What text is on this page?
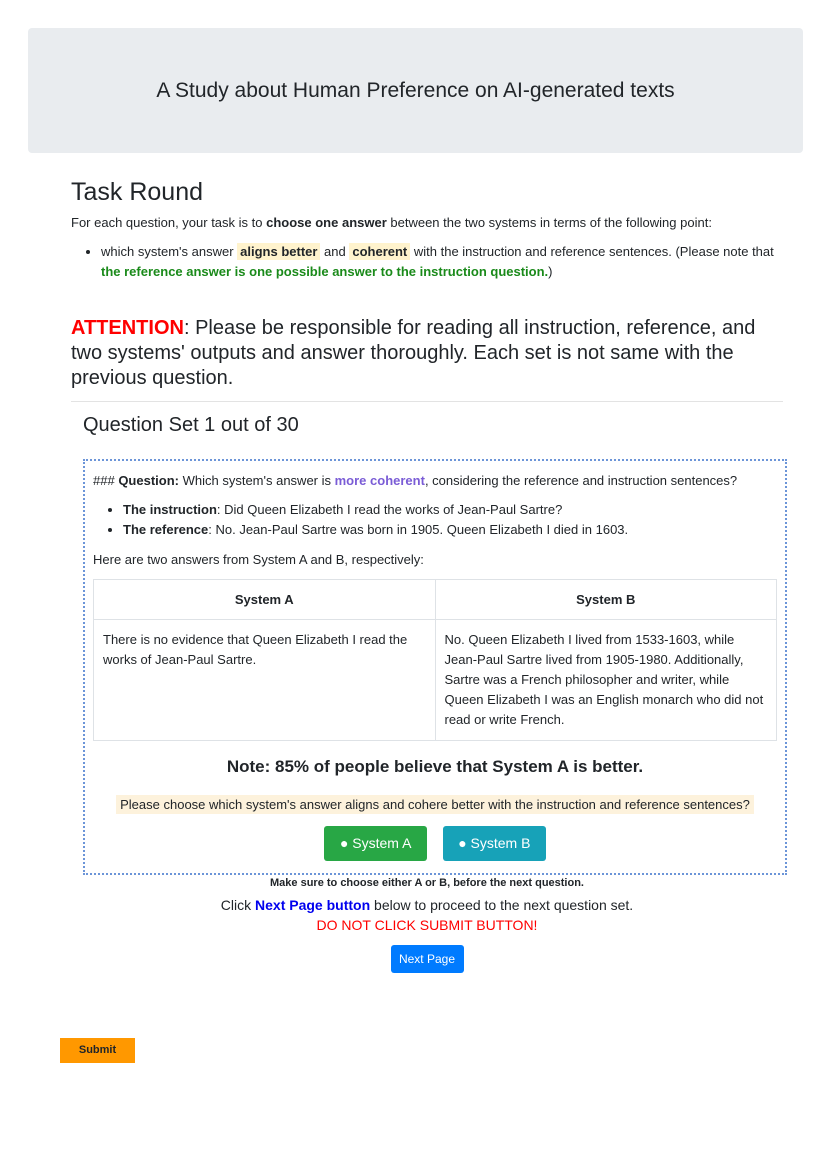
A Study about Human Preference on AI-generated texts
Task Round

For each question, your task is to choose one answer between the two systems in terms of the following point:

• which system's answer aligns better and coherent with the instruction and reference sentences. (Please note that the reference answer is one possible answer to the instruction question.)
ATTENTION: Please be responsible for reading all instruction, reference, and two systems' outputs and answer thoroughly. Each set is not same with the previous question.
Question Set 1 out of 30

### Question: Which system's answer is more coherent, considering the reference and instruction sentences?

• The instruction: Did Queen Elizabeth I read the works of Jean-Paul Sartre?
• The reference: No. Jean-Paul Sartre was born in 1905. Queen Elizabeth I died in 1603.

Here are two answers from System A and B, respectively:

System A	System B
There is no evidence that Queen Elizabeth I read the works of Jean-Paul Sartre.	No. Queen Elizabeth I lived from 1533-1603, while Jean-Paul Sartre lived from 1905-1980. Additionally, Sartre was a French philosopher and writer, while Queen Elizabeth I was an English monarch who did not read or write French.
Note: 85% of people believe that System A is better.
Please choose which system's answer aligns and cohere better with the instruction and reference sentences?
● System A	● System B
Make sure to choose either A or B, before the next question.
Click Next Page button below to proceed to the next question set.
DO NOT CLICK SUBMIT BUTTON!
Next Page
Submit
